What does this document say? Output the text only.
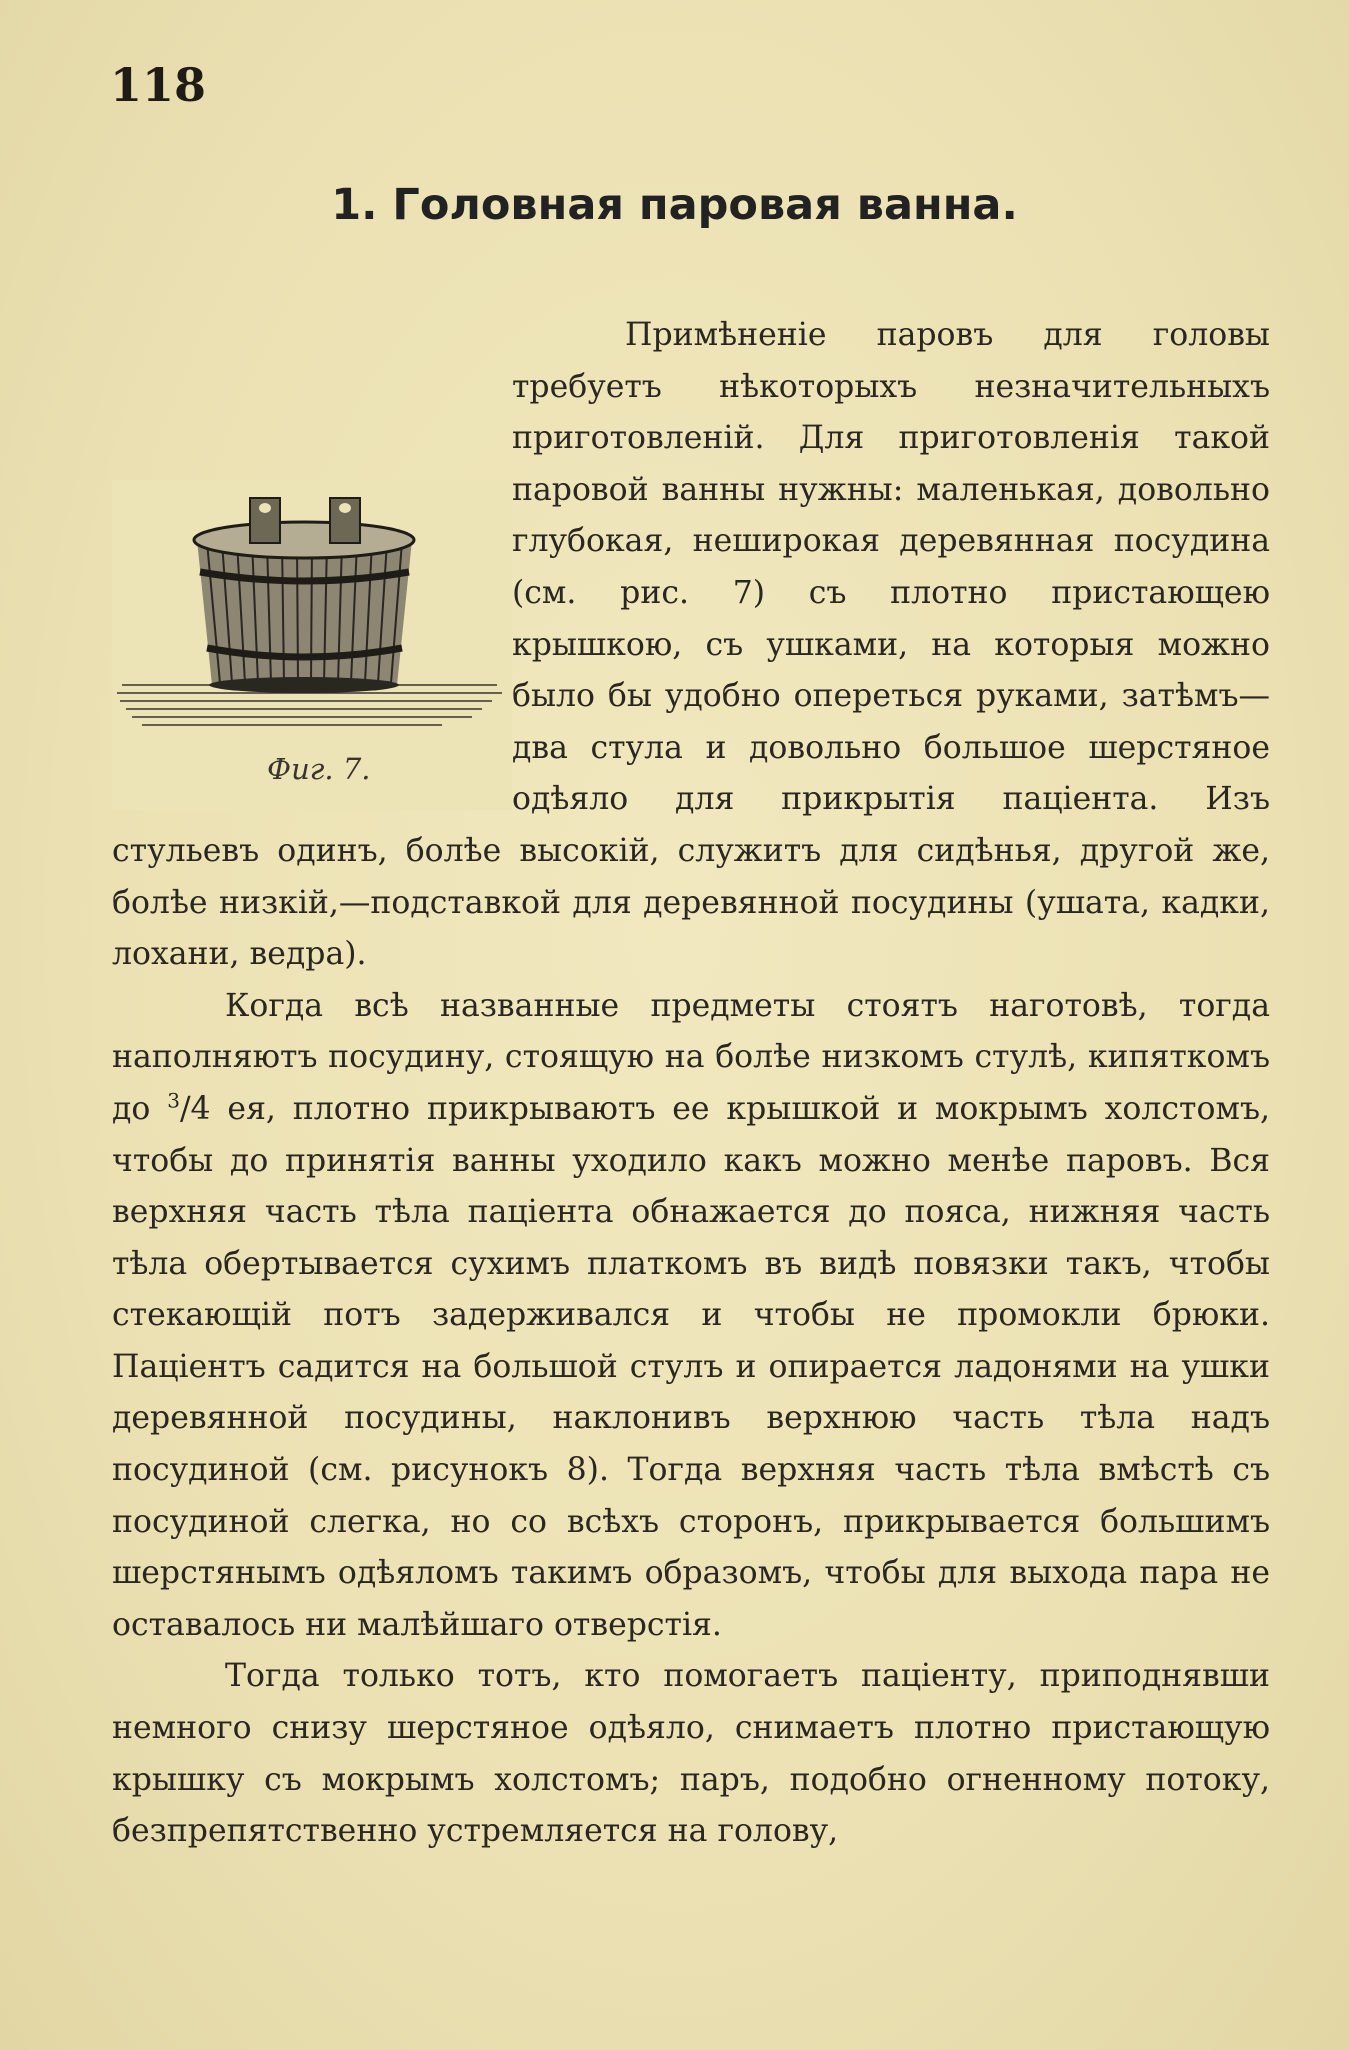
118
1. Головная паровая ванна.

Примѣненіе паровъ для головы требуетъ нѣкоторыхъ незначительныхъ приготовленій. Для приготовленія такой паровой ванны нужны: маленькая, довольно глубокая, неширокая деревянная посудина (см. рис. 7) съ плотно пристающею крышкою, съ ушками, на которыя можно было бы удобно опереться руками, затѣмъ—два стула и довольно большое шерстяное одѣяло для прикрытія паціента. Изъ стульевъ одинъ, болѣе высокій, служитъ для сидѣнья, другой же, болѣе низкій,—подставкой для деревянной посудины (ушата, кадки, лохани, ведра).

Когда всѣ названные предметы стоятъ наготовѣ, тогда наполняютъ посудину, стоящую на болѣе низкомъ стулѣ, кипяткомъ до $^3$/4 ея, плотно прикрываютъ ее крышкой и мокрымъ холстомъ, чтобы до принятія ванны уходило какъ можно менѣе паровъ. Вся верхняя часть тѣла паціента обнажается до пояса, нижняя часть тѣла обертывается сухимъ платкомъ въ видѣ повязки такъ, чтобы стекающій потъ задерживался и чтобы не промокли брюки. Паціентъ садится на большой стулъ и опирается ладонями на ушки деревянной посудины, наклонивъ верхнюю часть тѣла надъ посудиной (см. рисунокъ 8). Тогда верхняя часть тѣла вмѣстѣ съ посудиной слегка, но со всѣхъ сторонъ, прикрывается большимъ шерстянымъ одѣяломъ такимъ образомъ, чтобы для выхода пара не оставалось ни малѣйшаго отверстія.

Тогда только тотъ, кто помогаетъ паціенту, приподнявши немного снизу шерстяное одѣяло, снимаетъ плотно пристающую крышку съ мокрымъ холстомъ; паръ, подобно огненному потоку, безпрепятственно устремляется на голову,

Фиг. 7.
